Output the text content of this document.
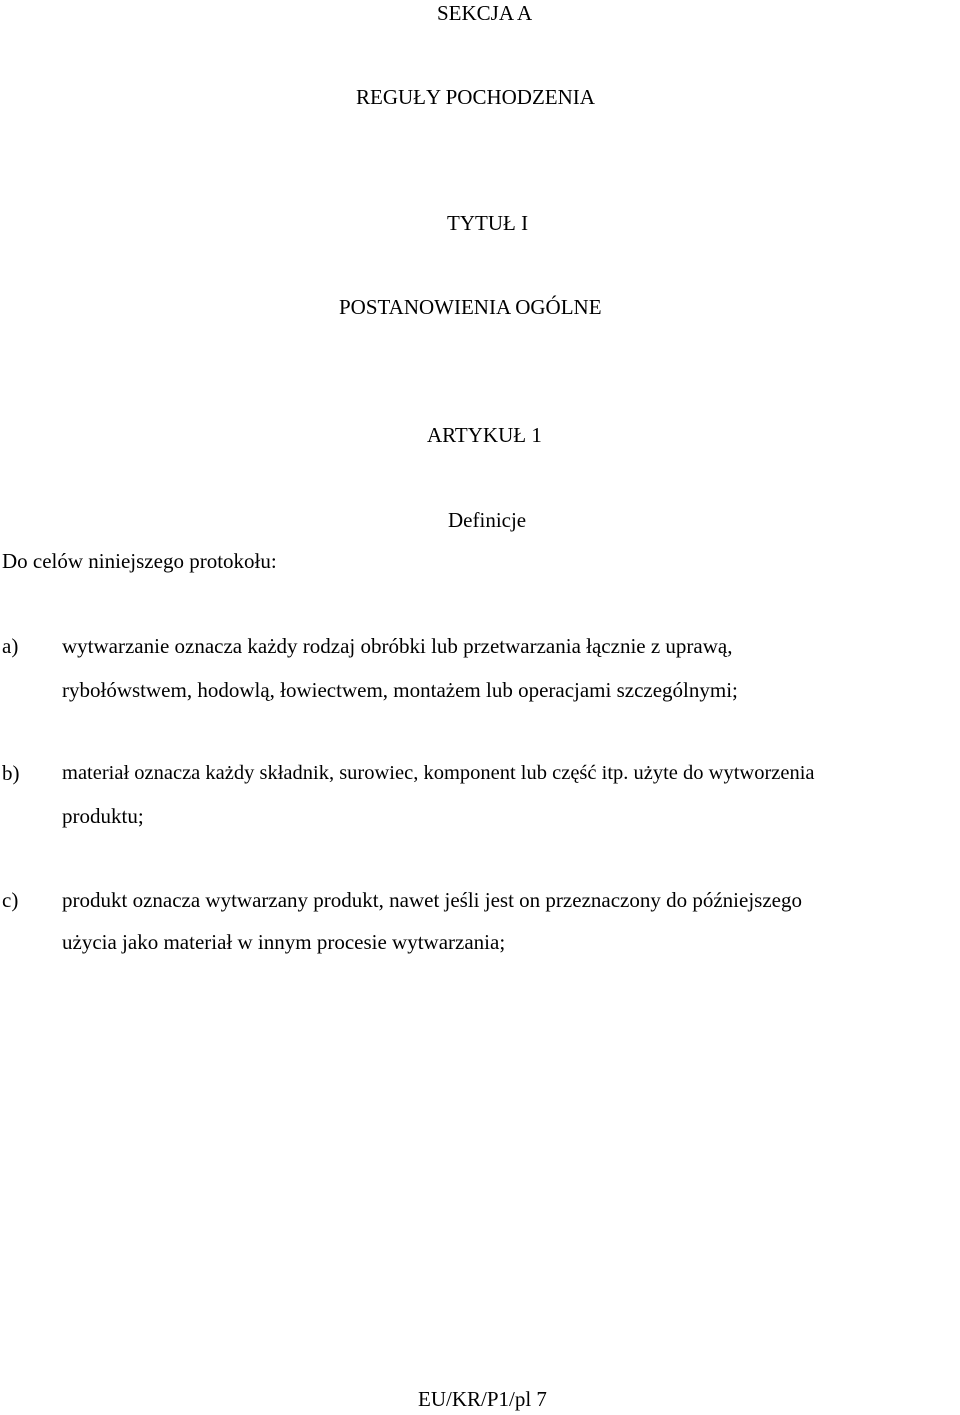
SEKCJA A
REGUŁY POCHODZENIA
TYTUŁ I
POSTANOWIENIA OGÓLNE
ARTYKUŁ 1
Definicje
Do celów niniejszego protokołu:
a) wytwarzanie oznacza każdy rodzaj obróbki lub przetwarzania łącznie z uprawą,
rybołówstwem, hodowlą, łowiectwem, montażem lub operacjami szczególnymi;
b) materiał oznacza każdy składnik, surowiec, komponent lub część itp. użyte do wytworzenia
produktu;
c) produkt oznacza wytwarzany produkt, nawet jeśli jest on przeznaczony do późniejszego
użycia jako materiał w innym procesie wytwarzania;
EU/KR/P1/pl 7
